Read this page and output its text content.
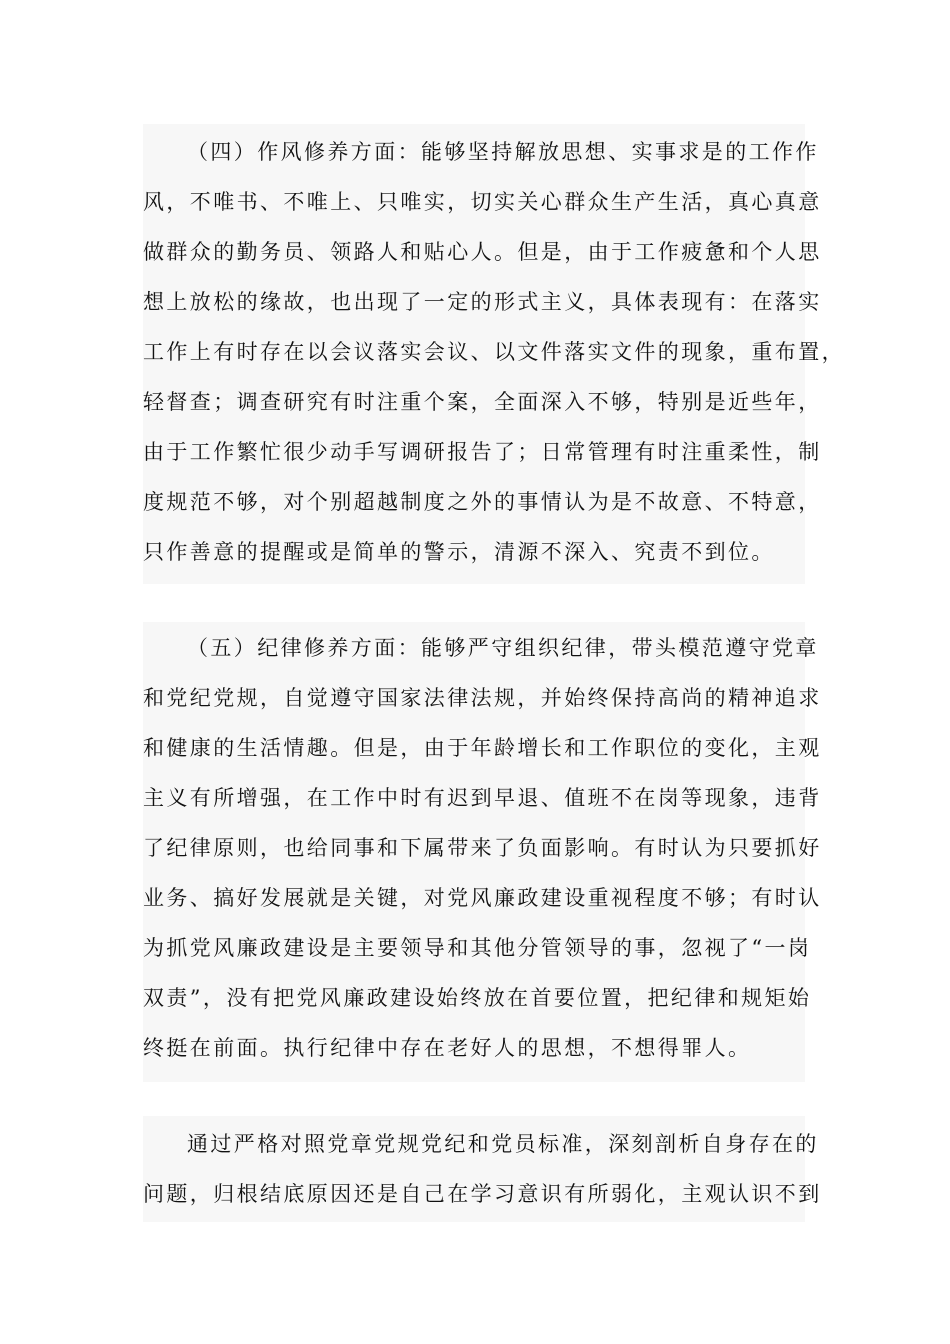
（四）作风修养方面：能够坚持解放思想、实事求是的工作作
风，不唯书、不唯上、只唯实，切实关心群众生产生活，真心真意
做群众的勤务员、领路人和贴心人。但是，由于工作疲惫和个人思
想上放松的缘故，也出现了一定的形式主义，具体表现有：在落实
工作上有时存在以会议落实会议、以文件落实文件的现象，重布置，
轻督查；调查研究有时注重个案，全面深入不够，特别是近些年，
由于工作繁忙很少动手写调研报告了；日常管理有时注重柔性，制
度规范不够，对个别超越制度之外的事情认为是不故意、不特意，
只作善意的提醒或是简单的警示，清源不深入、究责不到位。
（五）纪律修养方面：能够严守组织纪律，带头模范遵守党章
和党纪党规，自觉遵守国家法律法规，并始终保持高尚的精神追求
和健康的生活情趣。但是，由于年龄增长和工作职位的变化，主观
主义有所增强，在工作中时有迟到早退、值班不在岗等现象，违背
了纪律原则，也给同事和下属带来了负面影响。有时认为只要抓好
业务、搞好发展就是关键，对党风廉政建设重视程度不够；有时认
为抓党风廉政建设是主要领导和其他分管领导的事，忽视了“一岗
双责”，没有把党风廉政建设始终放在首要位置，把纪律和规矩始
终挺在前面。执行纪律中存在老好人的思想，不想得罪人。
通过严格对照党章党规党纪和党员标准，深刻剖析自身存在的
问题，归根结底原因还是自己在学习意识有所弱化，主观认识不到
